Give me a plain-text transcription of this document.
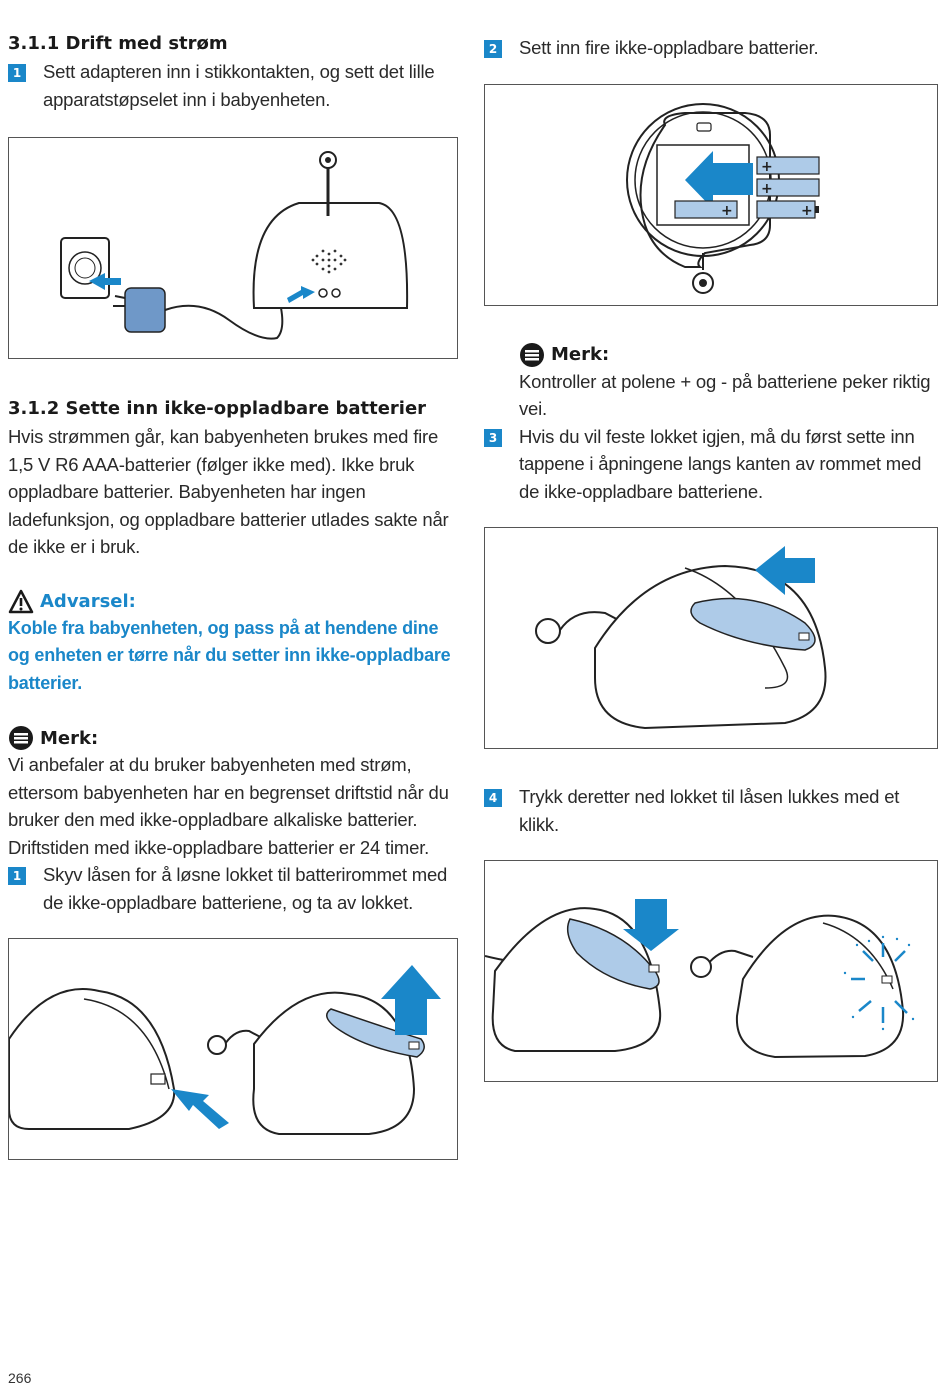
3.1.1 Drift med strøm
1 Sett adapteren inn i stikkontakten, og sett det lille apparatstøpselet inn i babyenheten.
3.1.2 Sette inn ikke-oppladbare batterier
Hvis strømmen går, kan babyenheten brukes med fire 1,5 V R6 AAA-batterier (følger ikke med). Ikke bruk oppladbare batterier. Babyenheten har ingen ladefunksjon, og oppladbare batterier utlades sakte når de ikke er i bruk.
Advarsel:
Koble fra babyenheten, og pass på at hendene dine og enheten er tørre når du setter inn ikke-oppladbare batterier.
Merk:
Vi anbefaler at du bruker babyenheten med strøm, ettersom babyenheten har en begrenset driftstid når du bruker den med ikke-oppladbare alkaliske batterier. Driftstiden med ikke-oppladbare batterier er 24 timer.
1 Skyv låsen for å løsne lokket til batterirommet med de ikke-oppladbare batteriene, og ta av lokket.
2 Sett inn fire ikke-oppladbare batterier.
+
+
+
+
Merk:
Kontroller at polene + og - på batteriene peker riktig vei.
3 Hvis du vil feste lokket igjen, må du først sette inn tappene i åpningene langs kanten av rommet med de ikke-oppladbare batteriene.
4 Trykk deretter ned lokket til låsen lukkes med et klikk.
266
